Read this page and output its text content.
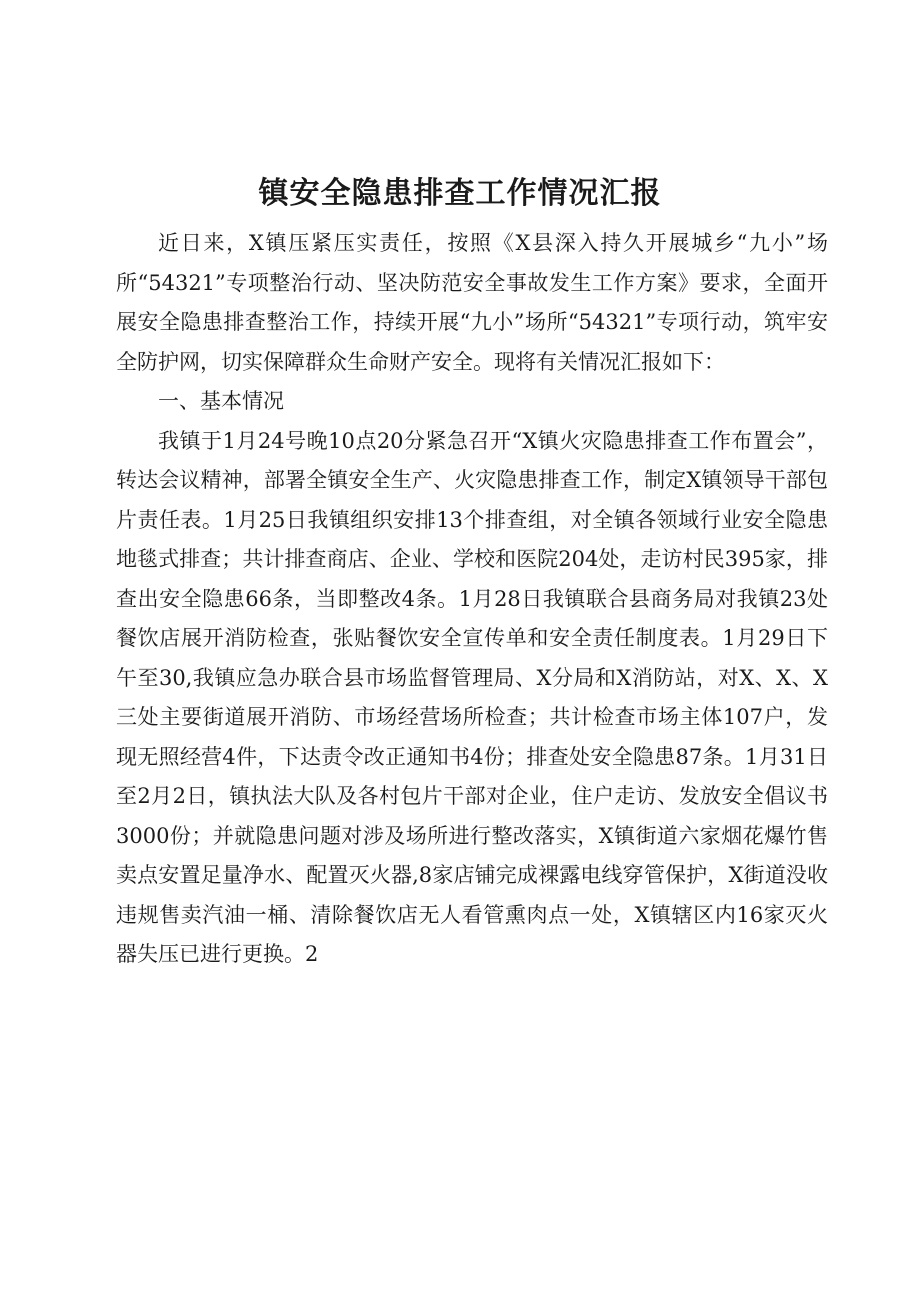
镇安全隐患排查工作情况汇报

近日来，X镇压紧压实责任，按照《X县深入持久开展城乡“九小”场所“54321”专项整治行动、坚决防范安全事故发生工作方案》要求，全面开展安全隐患排查整治工作，持续开展“九小”场所“54321”专项行动，筑牢安全防护网，切实保障群众生命财产安全。现将有关情况汇报如下：

一、基本情况

我镇于1月24号晚10点20分紧急召开“X镇火灾隐患排查工作布置会”，转达会议精神，部署全镇安全生产、火灾隐患排查工作，制定X镇领导干部包片责任表。1月25日我镇组织安排13个排查组，对全镇各领域行业安全隐患地毯式排查；共计排查商店、企业、学校和医院204处，走访村民395家，排查出安全隐患66条，当即整改4条。1月28日我镇联合县商务局对我镇23处餐饮店展开消防检查，张贴餐饮安全宣传单和安全责任制度表。1月29日下午至30,我镇应急办联合县市场监督管理局、X分局和X消防站，对X、X、X三处主要街道展开消防、市场经营场所检查；共计检查市场主体107户，发现无照经营4件，下达责令改正通知书4份；排查处安全隐患87条。1月31日至2月2日，镇执法大队及各村包片干部对企业，住户走访、发放安全倡议书3000份；并就隐患问题对涉及场所进行整改落实，X镇街道六家烟花爆竹售卖点安置足量净水、配置灭火器,8家店铺完成裸露电线穿管保护，X街道没收违规售卖汽油一桶、清除餐饮店无人看管熏肉点一处，X镇辖区内16家灭火器失压已进行更换。2
